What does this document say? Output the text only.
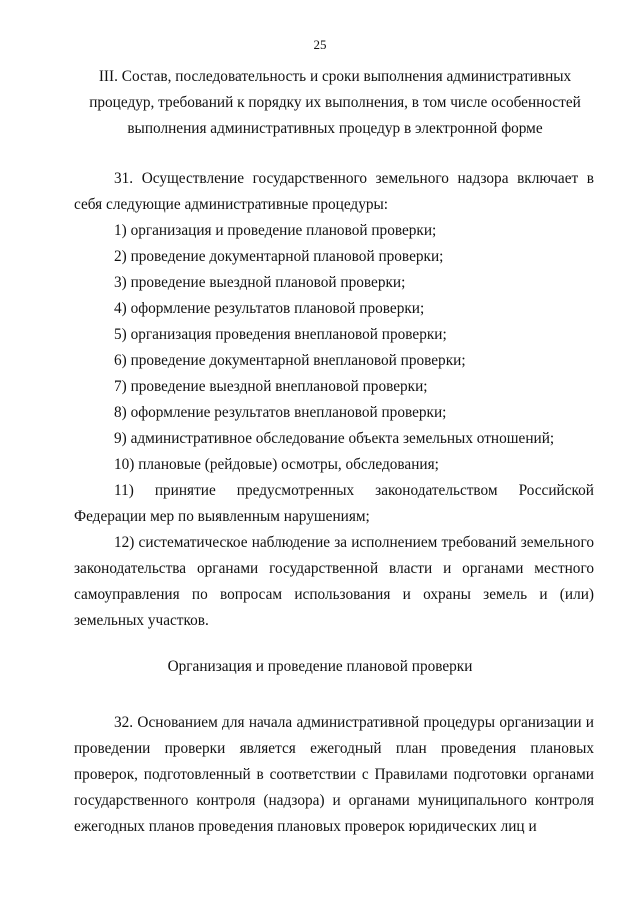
25
III. Состав, последовательность и сроки выполнения административных
процедур, требований к порядку их выполнения, в том числе особенностей
выполнения административных процедур в электронной форме
31. Осуществление государственного земельного надзора включает в себя следующие административные процедуры:
1) организация и проведение плановой проверки;
2) проведение документарной плановой проверки;
3) проведение выездной плановой проверки;
4) оформление результатов плановой проверки;
5) организация проведения внеплановой проверки;
6) проведение документарной внеплановой проверки;
7) проведение выездной внеплановой проверки;
8) оформление результатов внеплановой проверки;
9) административное обследование объекта земельных отношений;
10) плановые (рейдовые) осмотры, обследования;
11) принятие предусмотренных законодательством Российской
Федерации мер по выявленным нарушениям;
12) систематическое наблюдение за исполнением требований земельного законодательства органами государственной власти и органами местного самоуправления по вопросам использования и охраны земель и (или) земельных участков.
Организация и проведение плановой проверки
32. Основанием для начала административной процедуры организации и проведении проверки является ежегодный план проведения плановых проверок, подготовленный в соответствии с Правилами подготовки органами государственного контроля (надзора) и органами муниципального контроля ежегодных планов проведения плановых проверок юридических лиц и
